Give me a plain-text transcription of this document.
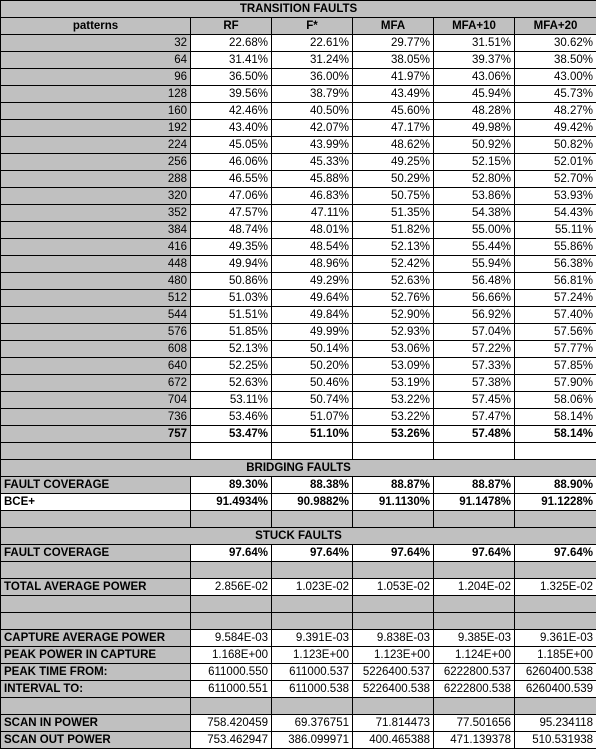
TRANSITION FAULTS					
patterns	RF	F*	MFA	MFA+10	MFA+20
32	22.68%	22.61%	29.77%	31.51%	30.62%
64	31.41%	31.24%	38.05%	39.37%	38.50%
96	36.50%	36.00%	41.97%	43.06%	43.00%
128	39.56%	38.79%	43.49%	45.94%	45.73%
160	42.46%	40.50%	45.60%	48.28%	48.27%
192	43.40%	42.07%	47.17%	49.98%	49.42%
224	45.05%	43.99%	48.62%	50.92%	50.82%
256	46.06%	45.33%	49.25%	52.15%	52.01%
288	46.55%	45.88%	50.29%	52.80%	52.70%
320	47.06%	46.83%	50.75%	53.86%	53.93%
352	47.57%	47.11%	51.35%	54.38%	54.43%
384	48.74%	48.01%	51.82%	55.00%	55.11%
416	49.35%	48.54%	52.13%	55.44%	55.86%
448	49.94%	48.96%	52.42%	55.94%	56.38%
480	50.86%	49.29%	52.63%	56.48%	56.81%
512	51.03%	49.64%	52.76%	56.66%	57.24%
544	51.51%	49.84%	52.90%	56.92%	57.40%
576	51.85%	49.99%	52.93%	57.04%	57.56%
608	52.13%	50.14%	53.06%	57.22%	57.77%
640	52.25%	50.20%	53.09%	57.33%	57.85%
672	52.63%	50.46%	53.19%	57.38%	57.90%
704	53.11%	50.74%	53.22%	57.45%	58.06%
736	53.46%	51.07%	53.22%	57.47%	58.14%
757	53.47%	51.10%	53.26%	57.48%	58.14%

BRIDGING FAULTS					
FAULT COVERAGE	89.30%	88.38%	88.87%	88.87%	88.90%
BCE+	91.4934%	90.9882%	91.1130%	91.1478%	91.1228%

STUCK FAULTS					
FAULT COVERAGE	97.64%	97.64%	97.64%	97.64%	97.64%

TOTAL AVERAGE POWER	2.856E-02	1.023E-02	1.053E-02	1.204E-02	1.325E-02

CAPTURE AVERAGE POWER	9.584E-03	9.391E-03	9.838E-03	9.385E-03	9.361E-03
PEAK POWER IN CAPTURE	1.168E+00	1.123E+00	1.123E+00	1.124E+00	1.185E+00
PEAK TIME FROM:	611000.550	611000.537	5226400.537	6222800.537	6260400.538
INTERVAL TO:	611000.551	611000.538	5226400.538	6222800.538	6260400.539

SCAN IN POWER	758.420459	69.376751	71.814473	77.501656	95.234118
SCAN OUT POWER	753.462947	386.099971	400.465388	471.139378	510.531938
